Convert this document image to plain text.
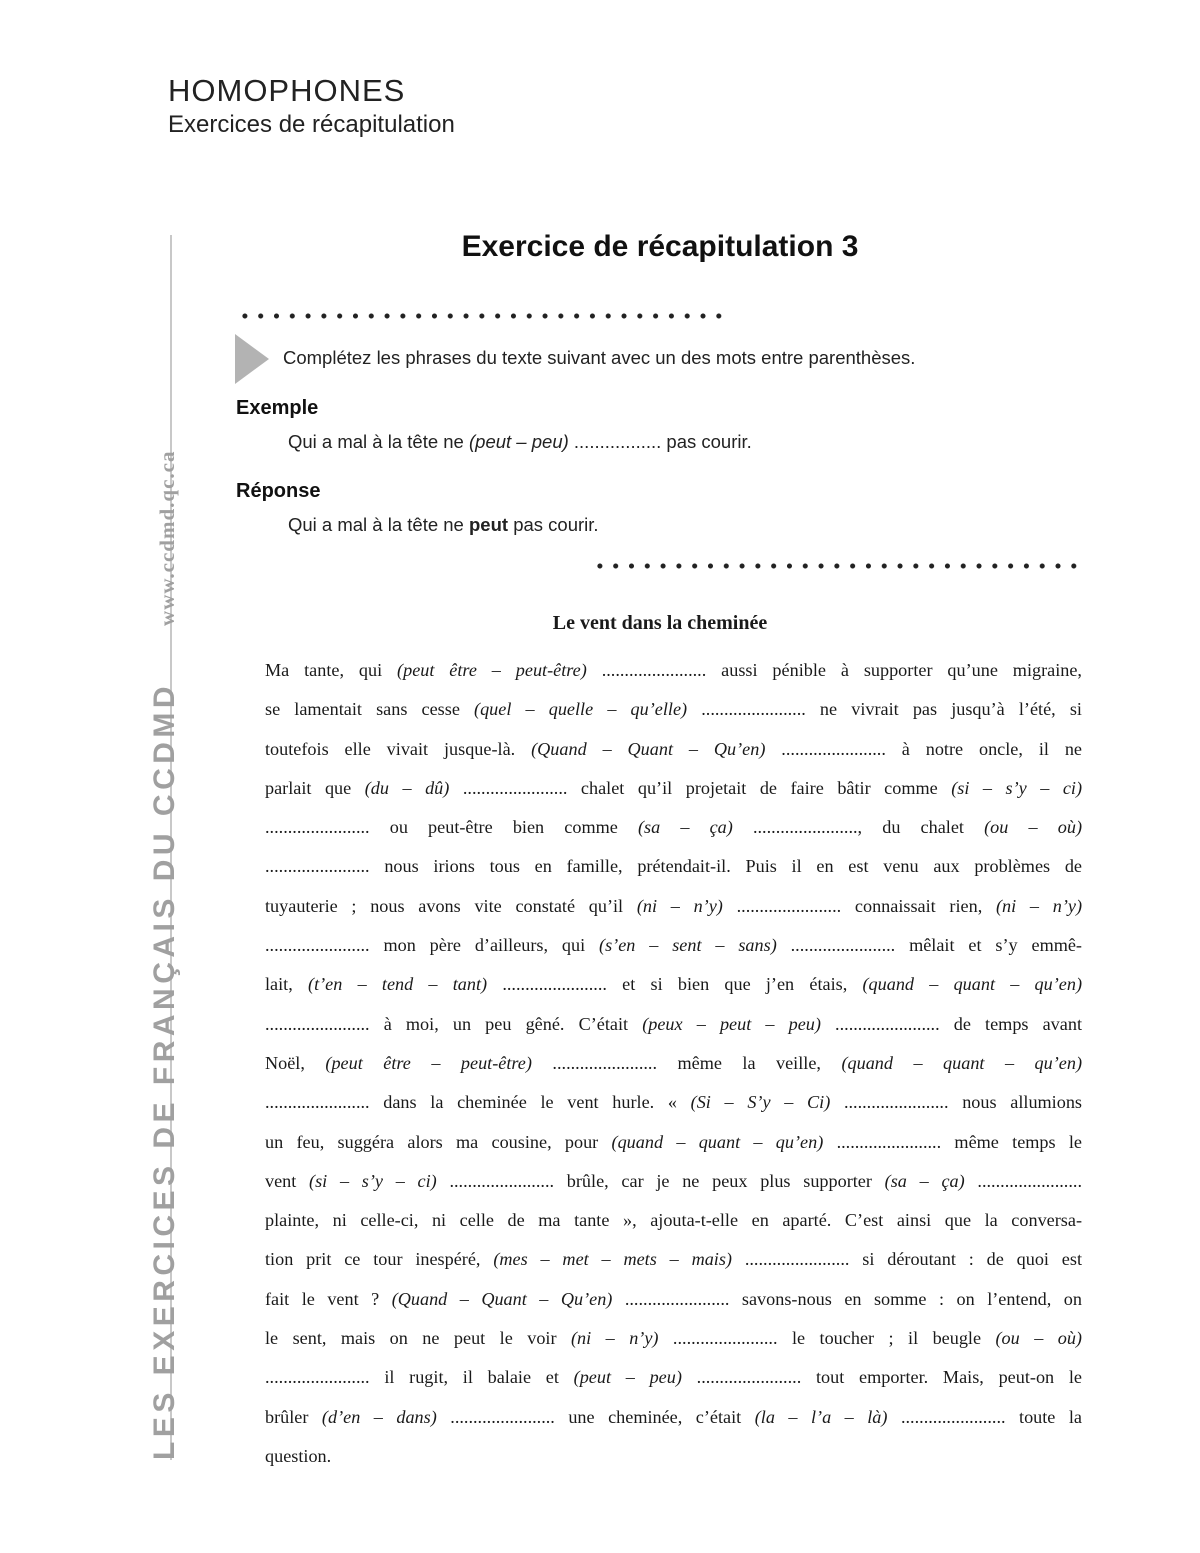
HOMOPHONES
Exercices de récapitulation
LES EXERCICES DE FRANÇAIS DU CCDMDwww.ccdmd.qc.ca
Exercice de récapitulation 3
Complétez les phrases du texte suivant avec un des mots entre parenthèses.
Exemple
Qui a mal à la tête ne (peut – peu) ................. pas courir.
Réponse
Qui a mal à la tête ne peut pas courir.
Le vent dans la cheminée
Ma tante, qui (peut être – peut-être) ....................... aussi pénible à supporter qu’une migraine,
se lamentait sans cesse (quel – quelle – qu’elle) ....................... ne vivrait pas jusqu’à l’été, si
toutefois elle vivait jusque-là. (Quand – Quant – Qu’en) ....................... à notre oncle, il ne
parlait que (du – dû) ....................... chalet qu’il projetait de faire bâtir comme (si – s’y – ci)
....................... ou peut-être bien comme (sa – ça) ......................., du chalet (ou – où)
....................... nous irions tous en famille, prétendait-il. Puis il en est venu aux problèmes de
tuyauterie ; nous avons vite constaté qu’il (ni – n’y) ....................... connaissait rien, (ni – n’y)
....................... mon père d’ailleurs, qui (s’en – sent – sans) ....................... mêlait et s’y emmê-
lait, (t’en – tend – tant) ....................... et si bien que j’en étais, (quand – quant – qu’en)
....................... à moi, un peu gêné. C’était (peux – peut – peu) ....................... de temps avant
Noël, (peut être – peut-être) ....................... même la veille, (quand – quant – qu’en)
....................... dans la cheminée le vent hurle. « (Si – S’y – Ci) ....................... nous allumions
un feu, suggéra alors ma cousine, pour (quand – quant – qu’en) ....................... même temps le
vent (si – s’y – ci) ....................... brûle, car je ne peux plus supporter (sa – ça) .......................
plainte, ni celle-ci, ni celle de ma tante », ajouta-t-elle en aparté. C’est ainsi que la conversa-
tion prit ce tour inespéré, (mes – met – mets – mais) ....................... si déroutant : de quoi est
fait le vent ? (Quand – Quant – Qu’en) ....................... savons-nous en somme : on l’entend, on
le sent, mais on ne peut le voir (ni – n’y) ....................... le toucher ; il beugle (ou – où)
....................... il rugit, il balaie et (peut – peu) ....................... tout emporter. Mais, peut-on le
brûler (d’en – dans) ....................... une cheminée, c’était (la – l’a – là) ....................... toute la
question.
